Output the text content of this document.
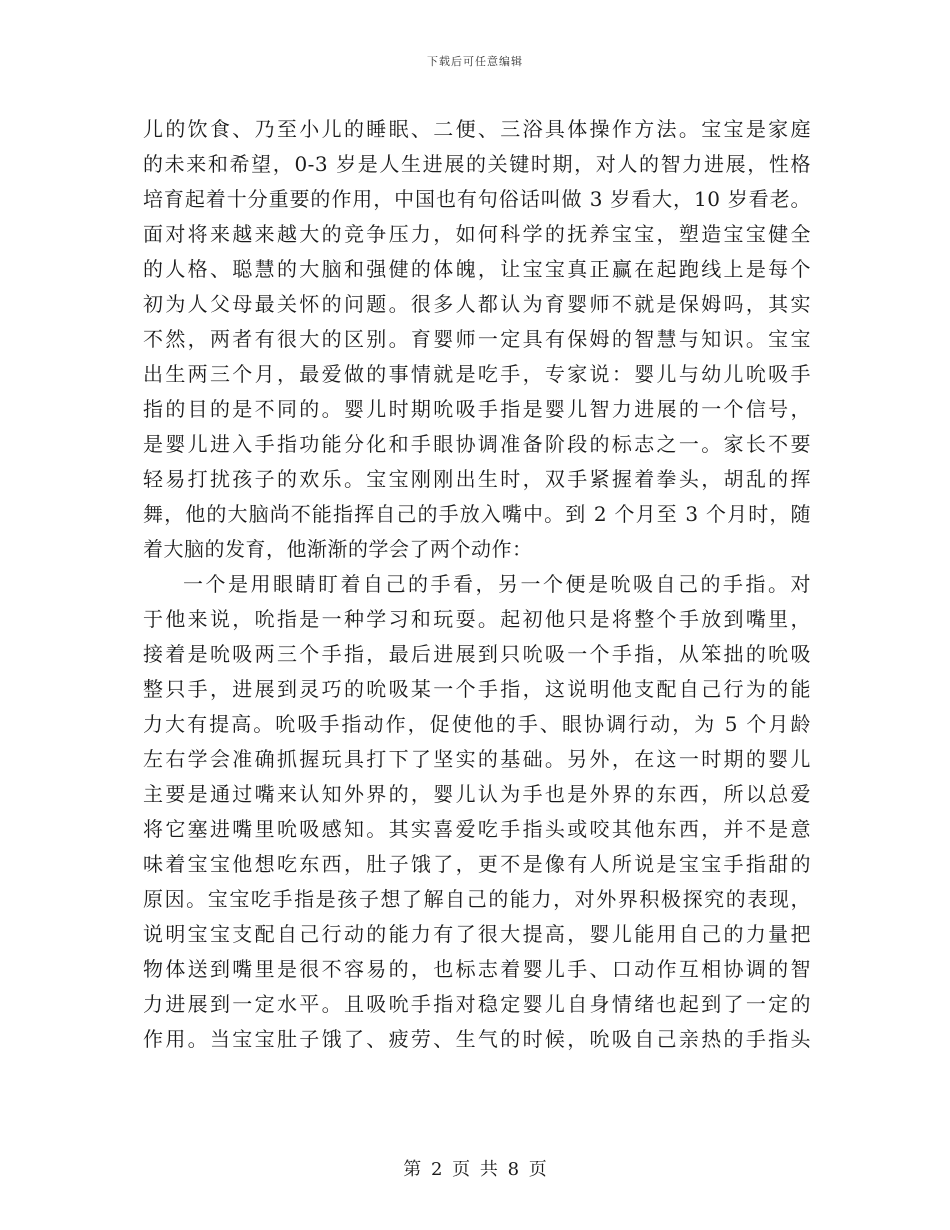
下载后可任意编辑
儿的饮食、乃至小儿的睡眠、二便、三浴具体操作方法。宝宝是家庭
的未来和希望，0-3 岁是人生进展的关键时期，对人的智力进展，性格
培育起着十分重要的作用，中国也有句俗话叫做 3 岁看大，10 岁看老。
面对将来越来越大的竞争压力，如何科学的抚养宝宝，塑造宝宝健全
的人格、聪慧的大脑和强健的体魄，让宝宝真正赢在起跑线上是每个
初为人父母最关怀的问题。很多人都认为育婴师不就是保姆吗，其实
不然，两者有很大的区别。育婴师一定具有保姆的智慧与知识。宝宝
出生两三个月，最爱做的事情就是吃手，专家说：婴儿与幼儿吮吸手
指的目的是不同的。婴儿时期吮吸手指是婴儿智力进展的一个信号，
是婴儿进入手指功能分化和手眼协调准备阶段的标志之一。家长不要
轻易打扰孩子的欢乐。宝宝刚刚出生时，双手紧握着拳头，胡乱的挥
舞，他的大脑尚不能指挥自己的手放入嘴中。到 2 个月至 3 个月时，随
着大脑的发育，他渐渐的学会了两个动作：
一个是用眼睛盯着自己的手看，另一个便是吮吸自己的手指。对
于他来说，吮指是一种学习和玩耍。起初他只是将整个手放到嘴里，
接着是吮吸两三个手指，最后进展到只吮吸一个手指，从笨拙的吮吸
整只手，进展到灵巧的吮吸某一个手指，这说明他支配自己行为的能
力大有提高。吮吸手指动作，促使他的手、眼协调行动，为 5 个月龄
左右学会准确抓握玩具打下了坚实的基础。另外，在这一时期的婴儿
主要是通过嘴来认知外界的，婴儿认为手也是外界的东西，所以总爱
将它塞进嘴里吮吸感知。其实喜爱吃手指头或咬其他东西，并不是意
味着宝宝他想吃东西，肚子饿了，更不是像有人所说是宝宝手指甜的
原因。宝宝吃手指是孩子想了解自己的能力，对外界积极探究的表现，
说明宝宝支配自己行动的能力有了很大提高，婴儿能用自己的力量把
物体送到嘴里是很不容易的，也标志着婴儿手、口动作互相协调的智
力进展到一定水平。且吸吮手指对稳定婴儿自身情绪也起到了一定的
作用。当宝宝肚子饿了、疲劳、生气的时候，吮吸自己亲热的手指头
第 2 页 共 8 页
